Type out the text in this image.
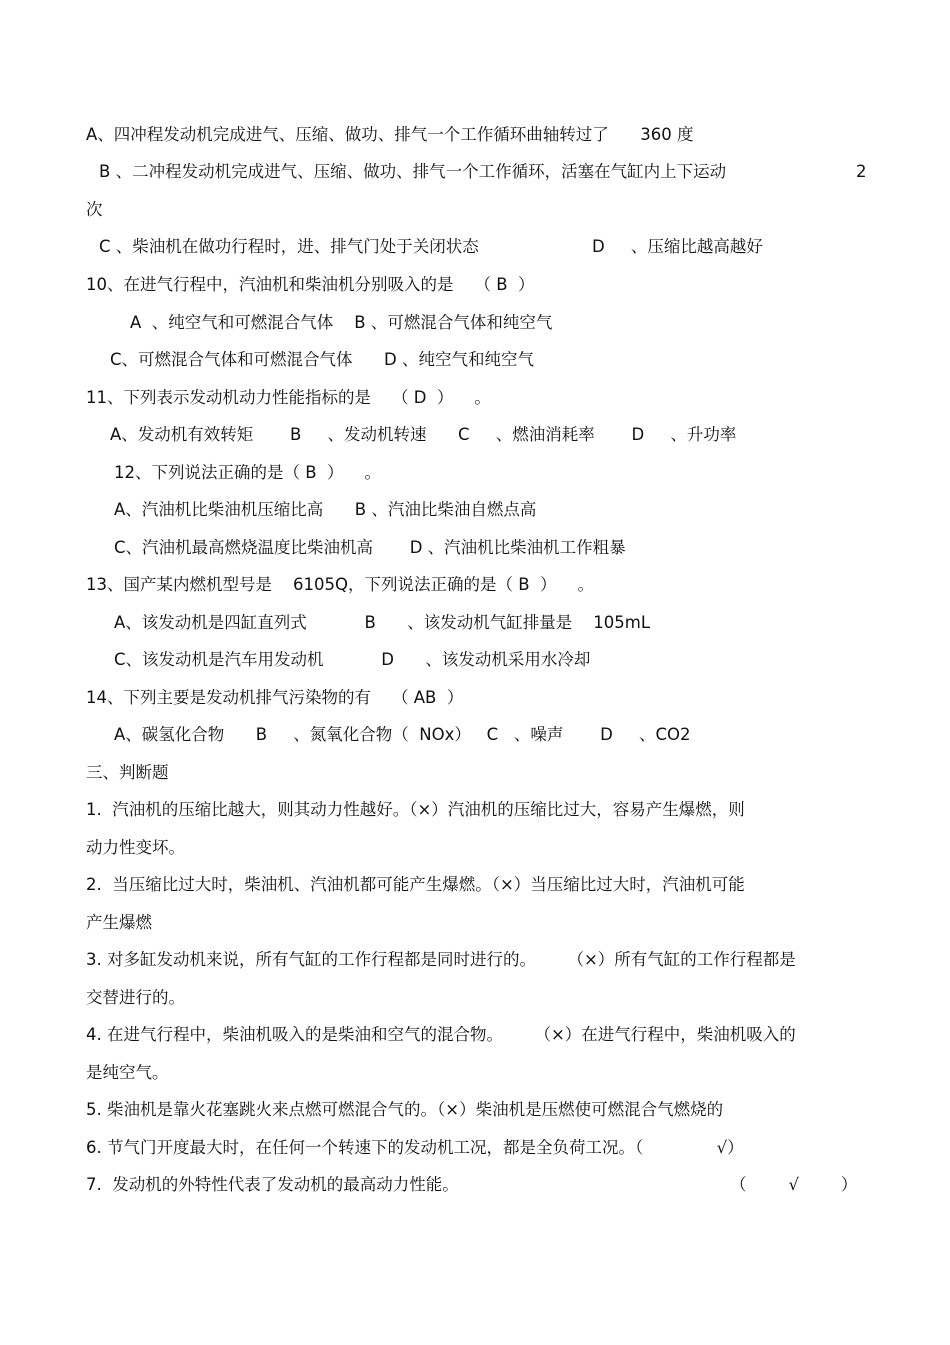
A、四冲程发动机完成进气、压缩、做功、排气一个工作循环曲轴转过了      360 度
B 、二冲程发动机完成进气、压缩、做功、排气一个工作循环，活塞在气缸内上下运动	2
次
C 、柴油机在做功行程时，进、排气门处于关闭状态	D     、压缩比越高越好
10、在进气行程中，汽油机和柴油机分别吸入的是    （ B  ）
A  、纯空气和可燃混合气体    B 、可燃混合气体和纯空气
C、可燃混合气体和可燃混合气体      D 、纯空气和纯空气
11、下列表示发动机动力性能指标的是    （ D  ）    。
A、发动机有效转矩       B     、发动机转速      C     、燃油消耗率       D     、升功率
12、下列说法正确的是（ B  ）    。
A、汽油机比柴油机压缩比高      B 、汽油比柴油自燃点高
C、汽油机最高燃烧温度比柴油机高       D 、汽油机比柴油机工作粗暴
13、国产某内燃机型号是    6105Q，下列说法正确的是（ B  ）    。
A、该发动机是四缸直列式           B      、该发动机气缸排量是    105mL
C、该发动机是汽车用发动机           D      、该发动机采用水冷却
14、下列主要是发动机排气污染物的有    （ AB  ）
A、碳氢化合物      B     、氮氧化合物（  NOx）   C   、噪声       D     、CO2
三、判断题
1.  汽油机的压缩比越大，则其动力性越好。（×）汽油机的压缩比过大，容易产生爆燃，则
动力性变坏。
2.  当压缩比过大时，柴油机、汽油机都可能产生爆燃。（×）当压缩比过大时，汽油机可能
产生爆燃
3. 对多缸发动机来说，所有气缸的工作行程都是同时进行的。      （×）所有气缸的工作行程都是
交替进行的。
4. 在进气行程中，柴油机吸入的是柴油和空气的混合物。      （×）在进气行程中，柴油机吸入的
是纯空气。
5. 柴油机是靠火花塞跳火来点燃可燃混合气的。（×）柴油机是压燃使可燃混合气燃烧的
6. 节气门开度最大时，在任何一个转速下的发动机工况，都是全负荷工况。（              √）
7.  发动机的外特性代表了发动机的最高动力性能。	（        √        ）
